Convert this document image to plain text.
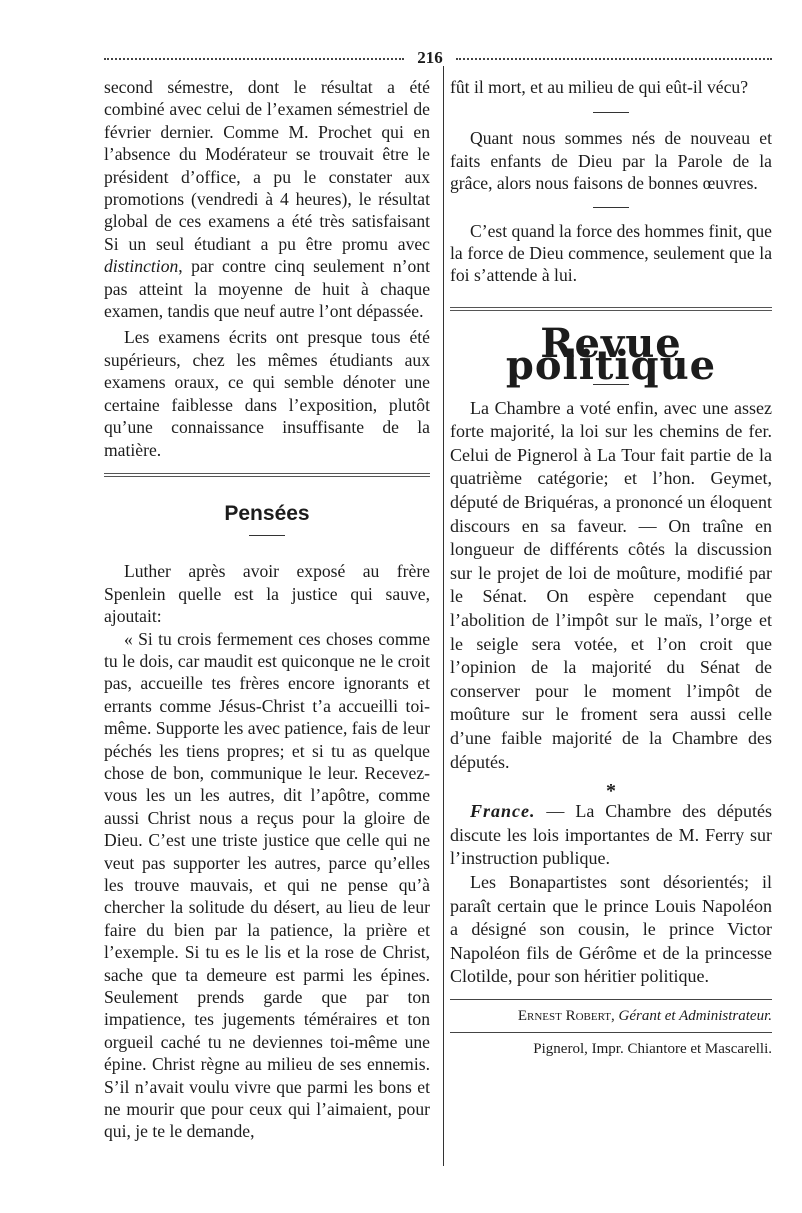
216

second sémestre, dont le résultat a été combiné avec celui de l’examen sémestriel de février dernier. Comme M. Prochet qui en l’absence du Modérateur se trouvait être le président d’office, a pu le constater aux promotions (vendredi à 4 heures), le résultat global de ces examens a été très satisfaisant Si un seul étudiant a pu être promu avec distinction, par contre cinq seulement n’ont pas atteint la moyenne de huit à chaque examen, tandis que neuf autre l’ont dépassée.

Les examens écrits ont presque tous été supérieurs, chez les mêmes étudiants aux examens oraux, ce qui semble dénoter une certaine faiblesse dans l’exposition, plutôt qu’une connaissance insuffisante de la matière.

Pensées

Luther après avoir exposé au frère Spenlein quelle est la justice qui sauve, ajoutait:

« Si tu crois fermement ces choses comme tu le dois, car maudit est quiconque ne le croit pas, accueille tes frères encore ignorants et errants comme Jésus-Christ t’a accueilli toi-même. Supporte les avec patience, fais de leur péchés les tiens propres; et si tu as quelque chose de bon, communique le leur. Recevez-vous les un les autres, dit l’apôtre, comme aussi Christ nous a reçus pour la gloire de Dieu. C’est une triste justice que celle qui ne veut pas supporter les autres, parce qu’elles les trouve mauvais, et qui ne pense qu’à chercher la solitude du désert, au lieu de leur faire du bien par la patience, la prière et l’exemple. Si tu es le lis et la rose de Christ, sache que ta demeure est parmi les épines. Seulement prends garde que par ton impatience, tes jugements téméraires et ton orgueil caché tu ne deviennes toi-même une épine. Christ règne au milieu de ses ennemis. S’il n’avait voulu vivre que parmi les bons et ne mourir que pour ceux qui l’aimaient, pour qui, je te le demande,

fût il mort, et au milieu de qui eût-il vécu?

Quant nous sommes nés de nouveau et faits enfants de Dieu par la Parole de la grâce, alors nous faisons de bonnes œuvres.

C’est quand la force des hommes finit, que la force de Dieu commence, seulement que la foi s’attende à lui.

Revue politique

La Chambre a voté enfin, avec une assez forte majorité, la loi sur les chemins de fer. Celui de Pignerol à La Tour fait partie de la quatrième catégorie; et l’hon. Geymet, député de Briquéras, a prononcé un éloquent discours en sa faveur. — On traîne en longueur de différents côtés la discussion sur le projet de loi de moûture, modifié par le Sénat. On espère cependant que l’abolition de l’impôt sur le maïs, l’orge et le seigle sera votée, et l’on croit que l’opinion de la majorité du Sénat de conserver pour le moment l’impôt de moûture sur le froment sera aussi celle d’une faible majorité de la Chambre des députés.

*

France. — La Chambre des députés discute les lois importantes de M. Ferry sur l’instruction publique.

Les Bonapartistes sont désorientés; il paraît certain que le prince Louis Napoléon a désigné son cousin, le prince Victor Napoléon fils de Gérôme et de la princesse Clotilde, pour son héritier politique.

Ernest Robert, Gérant et Administrateur.

Pignerol, Impr. Chiantore et Mascarelli.
